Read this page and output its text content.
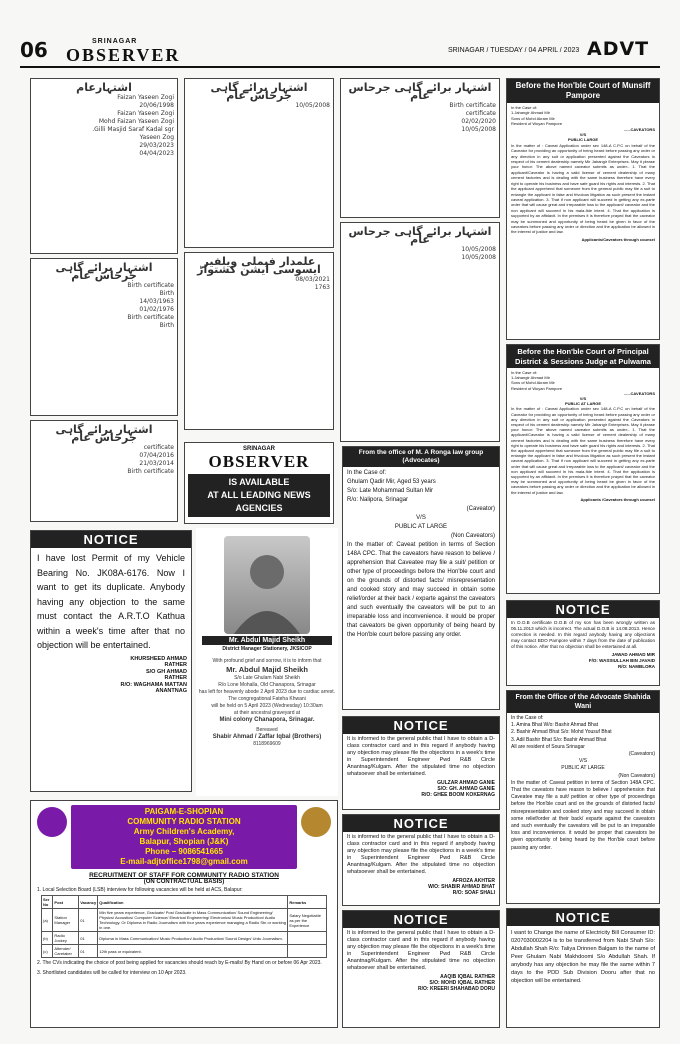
06	SRINAGAR
OBSERVER	SRINAGAR / TUESDAY / 04 APRIL / 2023 ADVT
اشتہارعام
Faizan Yaseen Zogi
20/06/1998
Faizan Yaseen Zogi
Mohd Faizan Yaseen Zogi
Gilli Masjid Saraf Kadal sgr.
Yaseen Zog
29/03/2023
04/04/2023
اشتہار برائے گاہی جرحاس عام
Birth certificate
Birth
14/03/1963
01/02/1976
Birth certificate
Birth
اشتہار برائے گاہی جرحاس عام
certificate
07/04/2016
21/03/2014
Birth certificate
اشتہار برائے گاہی جرحاس عام
10/05/2008
علمدار فیملی ویلفیر ایسوسی ایشن کشتواڑ
08/03/2021
1763
اشتہار برائے گاہی جرحاس عام
Birth certificate
certificate
02/02/2020
10/05/2008
اشتہار برائے گاہی جرحاس عام
10/05/2008
10/05/2008
SRINAGAR
OBSERVER
IS AVAILABLE
AT ALL LEADING NEWS
AGENCIES
NOTICE
I have lost Permit of my Vehicle Bearing No. JK08A-6176. Now I want to get its duplicate. Anybody having any objection to the same must contact the A.R.T.O Kathua within a week's time after that no objection will be entertained.
KHURSHEED AHMAD
RATHER
S/O GH AHMAD
RATHER
R/O: WAGHAMA MATTAN
ANANTNAG
Mr. Abdul Majid Sheikh
District Manager Stationery, JKSICOP
With profound grief and sorrow, it is to inform that
Mr. Abdul Majid Sheikh
S/o Late Ghulam Nabi Sheikh
R/o Lone Mohalla, Old Chanapora, Srinagar
has left for heavenly abode 2 April 2023 due to cardiac arrest.
The congregational Fateha Khwani
will be held on 5 April 2023 (Wednesday) 10:30am
at their ancestral graveyard at
Mini colony Chanapora, Srinagar.
Bereaved
Shabir Ahmad / Zaffar Iqbal (Brothers)
8118969609
PAIGAM-E-SHOPIAN
COMMUNITY RADIO STATION
Army Children's Academy,
Balapur, Shopian (J&K)
Phone – 9086541665
E-mail-adjtoffice1798@gmail.com
RECRUITMENT OF STAFF FOR COMMUNITY RADIO STATION
(ON CONTRACTUAL BASIS)
1. Local Selection Board (LSB) interview for following vacancies will be held at ACS, Balapur:
Ser No	Post	Vacancy	Qualification	Remarks
(a)	Station Manager	01	Min five years experience, Graduate/ Post Graduate in Mass Communication/ Sound Engineering/ Physics/ Acoustics/ Computer Science/ Electrical Engineering/ Electronics/ Music Production/ Audio Technology. Or Diploma in Radio Journalism with four years experience managing a Radio Stn or working in one.	Salary Negotiable as per the Experience
(b)	Radio Jockey	01	Diploma in Mass Communication/ Music Production/ Audio Production/ Sound Design/ Urdu Journalism.	
(c)	Attender/ Caretaker	01	12th pass or equivalent.	
2. The CVs indicating the choice of post being applied for vacancies should reach by E-mails/ By Hand on or before 06 Apr 2023.
3. Shortlisted candidates will be called for interview on 10 Apr 2023.
From the office of M. A Ronga law group (Advocates)
In the Case of:
Ghulam Qadir Mir, Aged 53 years
S/o: Late Mohammad Sultan Mir
R/o: Nalipora, Srinagar
(Caveator)
V/S
PUBLIC AT LARGE
(Non Caveators)
In the matter of: Caveat petition in terms of Section 148A CPC. That the caveators have reason to believe / apprehension that Caveatee may file a suit/ petition or other type of proceedings before the Hon'ble court and on the grounds of distorted facts/ misrepresentation and cooked story and may succeed in obtain some relief/order at their back / exparte against the caveators and such eventually the caveators will be put to an irreparable loss and inconvenience. it would be proper that caveators be given opportunity of being heard by the Hon'ble court before passing any order.
NOTICE
It is informed to the general public that I have to obtain a D-class contractor card and in this regard if anybody having any objection may please file the objections in a week's time in Superintendent Engineer Pwd R&B Circle Anantnag/Kulgam. After the stipulated time no objection whatsoever shall be entertained.
GULZAR AHMAD GANIE
S/O: GH. AHMAD GANIE
R/O: GHEE BOOM KOKERNAG
NOTICE
It is informed to the general public that I have to obtain a D-class contractor card and in this regard if anybody having any objection may please file the objections in a week's time in Superintendent Engineer Pwd R&B Circle Anantnag/Kulgam. After the stipulated time no objection whatsoever shall be entertained.
AFROZA AKHTER
W/O: SHABIR AHMAD BHAT
R/O: SOAF SHALI
NOTICE
It is informed to the general public that I have to obtain a D-class contractor card and in this regard if anybody having any objection may please file the objections in a week's time in Superintendent Engineer Pwd R&B Circle Anantnag/Kulgam. After the stipulated time no objection whatsoever shall be entertained.
AAQIB IQBAL RATHER
S/O: MOHD IQBAL RATHER
R/O: KREERI SHAHABAD DORU
Before the Hon'ble Court of Munsiff Pampore
In the Case of:
1.Jahangir Ahmad Mir
Sons of Mohd Akram Mir
Resident of Wuyan Pampore
......CAVEATORS
V/S
PUBLIC LARGE
In the matter of : Caveat Application under sec 148-A C.P.C on behalf of the Caveator for providing an opportunity of being heard before passing any order or any direction in any suit or application presented against the Caveators in respect of his cement dealership namely Mir Jahangir Enterprises. May it please your honor: The above named caveator submits as under:- 1. That the applicant/Caveator is having a valid license of cement dealership of many cement factories and is dealing with the same business therefore have every right to operate his business and have safe guard his rights and interests. 2. That the applicant apprehend that someone from the general public may file a suit to entangle the applicant in false and frivolous litigation as such present the instant caveat application. 3. That if non applicant will succeed in getting any ex-parte order that will cause great and irreparable loss to the applicant/ caveator and the non applicant will succeed in his mala-fide intent. 4. That the application is supported by an affidavit. In the premises it is therefore prayed that the caveator may be summoned and opportunity of being heard be given in favor of the caveators before passing any order or direction and the application be allowed in the interest of justice and law.
Applicants/Caveators through counsel
Before the Hon'ble Court of Principal District & Sessions Judge at Pulwama
In the Case of:
1.Jahangir Ahmad Mir
Sons of Mohd Akram Mir
Resident of Wuyan Pampore
......CAVEATORS
V/S
PUBLIC AT LARGE
In the matter of : Caveat Application under sec 148-A C.P.C on behalf of the Caveator for providing an opportunity of being heard before passing any order or any direction in any suit or application presented against the Caveators in respect of his cement dealership namely Mir Jahangir Enterprises. May it please your honor: The above named caveator submits as under:- 1. That the applicant/Caveator is having a valid license of cement dealership of many cement factories and is dealing with the same business therefore have every right to operate his business and have safe guard his rights and interests. 2. That the applicant apprehend that someone from the general public may file a suit to entangle the applicant in false and frivolous litigation as such present the instant caveat application. 3. That if non applicant will succeed in getting any ex-parte order that will cause great and irreparable loss to the applicant/ caveator and the non applicant will succeed in his mala-fide intent. 4. That the application is supported by an affidavit. In the premises it is therefore prayed that the caveator may be summoned and opportunity of being heard be given in favor of the caveators before passing any order or direction and the application be allowed in the interest of justice and law.
Applicants /Caveators through counsel
NOTICE
In D.O.B certificate D.O.B of my son has been wrongly written as 06.11.2013 which is incorrect. The actual D.O.B is 14.08.2013. Hence correction is needed. In this regard anybody having any objections may contact BDO Pampore within 7 days from the date of publication of this notice. After that no objection shall be entertained at all.
JAWAD AHMAD MIR
F/O: WASSIULLAH BIN JAVAID
R/O: NAMBLORA
From the Office of the Advocate Shahida Wani
In the Case of:
1. Amina Bhat W/o: Bashir Ahmad Bhat
2. Bashir Ahmad Bhat S/o: Mohd Yousuf Bhat
3. Adil Bashir Bhat S/o: Bashir Ahmad Bhat
All are resident of Soura Srinagar
(Caveators)
V/S
PUBLIC AT LARGE
(Non Caveators)
In the matter of: Caveat petition in terms of Section 148A CPC. That the caveators have reason to believe / apprehension that Caveatee may file a suit/ petition or other type of proceedings before the Hon'ble court and on the grounds of distorted facts/ misrepresentation and cooked story and may succeed in obtain some relief/order at their back/ exparte against the caveators and such eventually the caveators will be put to an irreparable loss and inconvenience. it would be proper that caveators be given opportunity of being heard by the Hon'ble court before passing any order.
NOTICE
I want to Change the name of Electricity Bill Consumer ID: 0207030002204 is to be transferred from Nabi Shah S/o: Abdullah Shah R/o: Taliya Drinnen Balgam to the name of Peer Ghulam Nabi Makhdoomi S/o Abdullah Shah. If anybody has any objection he may file the same within 7 days to the PDD Sub Division Dooru after that no objection will be entertained.
